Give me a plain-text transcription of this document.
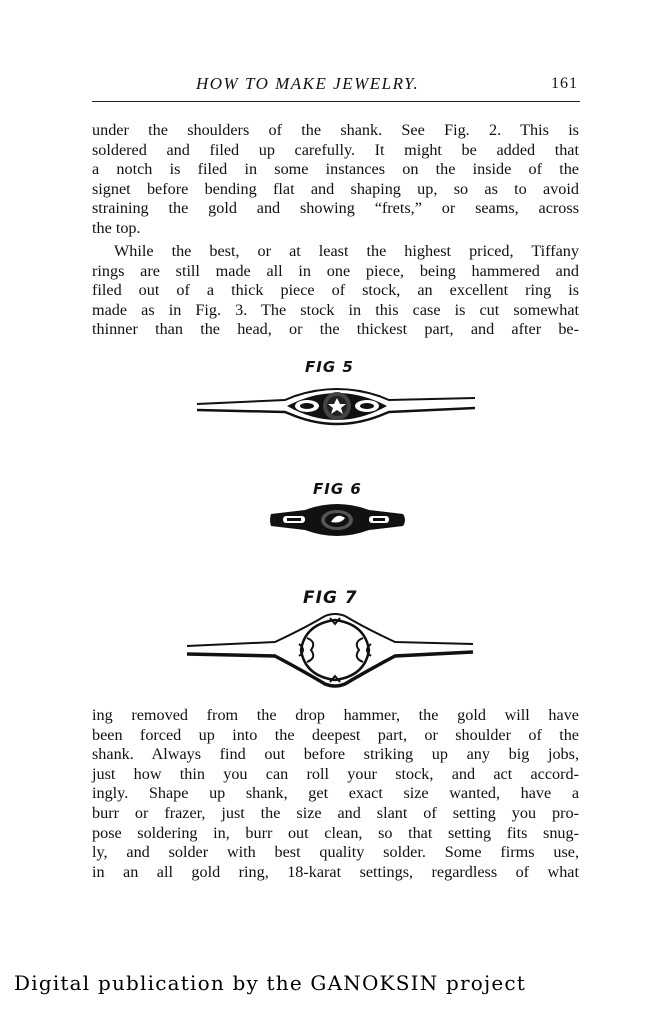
HOW TO MAKE JEWELRY.	161
under the shoulders of the shank. See Fig. 2. This is
soldered and filed up carefully. It might be added that
a notch is filed in some instances on the inside of the
signet before bending flat and shaping up, so as to avoid
straining the gold and showing “frets,” or seams, across
the top.
While the best, or at least the highest priced, Tiffany
rings are still made all in one piece, being hammered and
filed out of a thick piece of stock, an excellent ring is
made as in Fig. 3. The stock in this case is cut somewhat
thinner than the head, or the thickest part, and after be-
FIG 5
FIG 6
FIG 7
ing removed from the drop hammer, the gold will have
been forced up into the deepest part, or shoulder of the
shank. Always find out before striking up any big jobs,
just how thin you can roll your stock, and act accord-
ingly. Shape up shank, get exact size wanted, have a
burr or frazer, just the size and slant of setting you pro-
pose soldering in, burr out clean, so that setting fits snug-
ly, and solder with best quality solder. Some firms use,
in an all gold ring, 18-karat settings, regardless of what
Digital publication by the GANOKSIN project
